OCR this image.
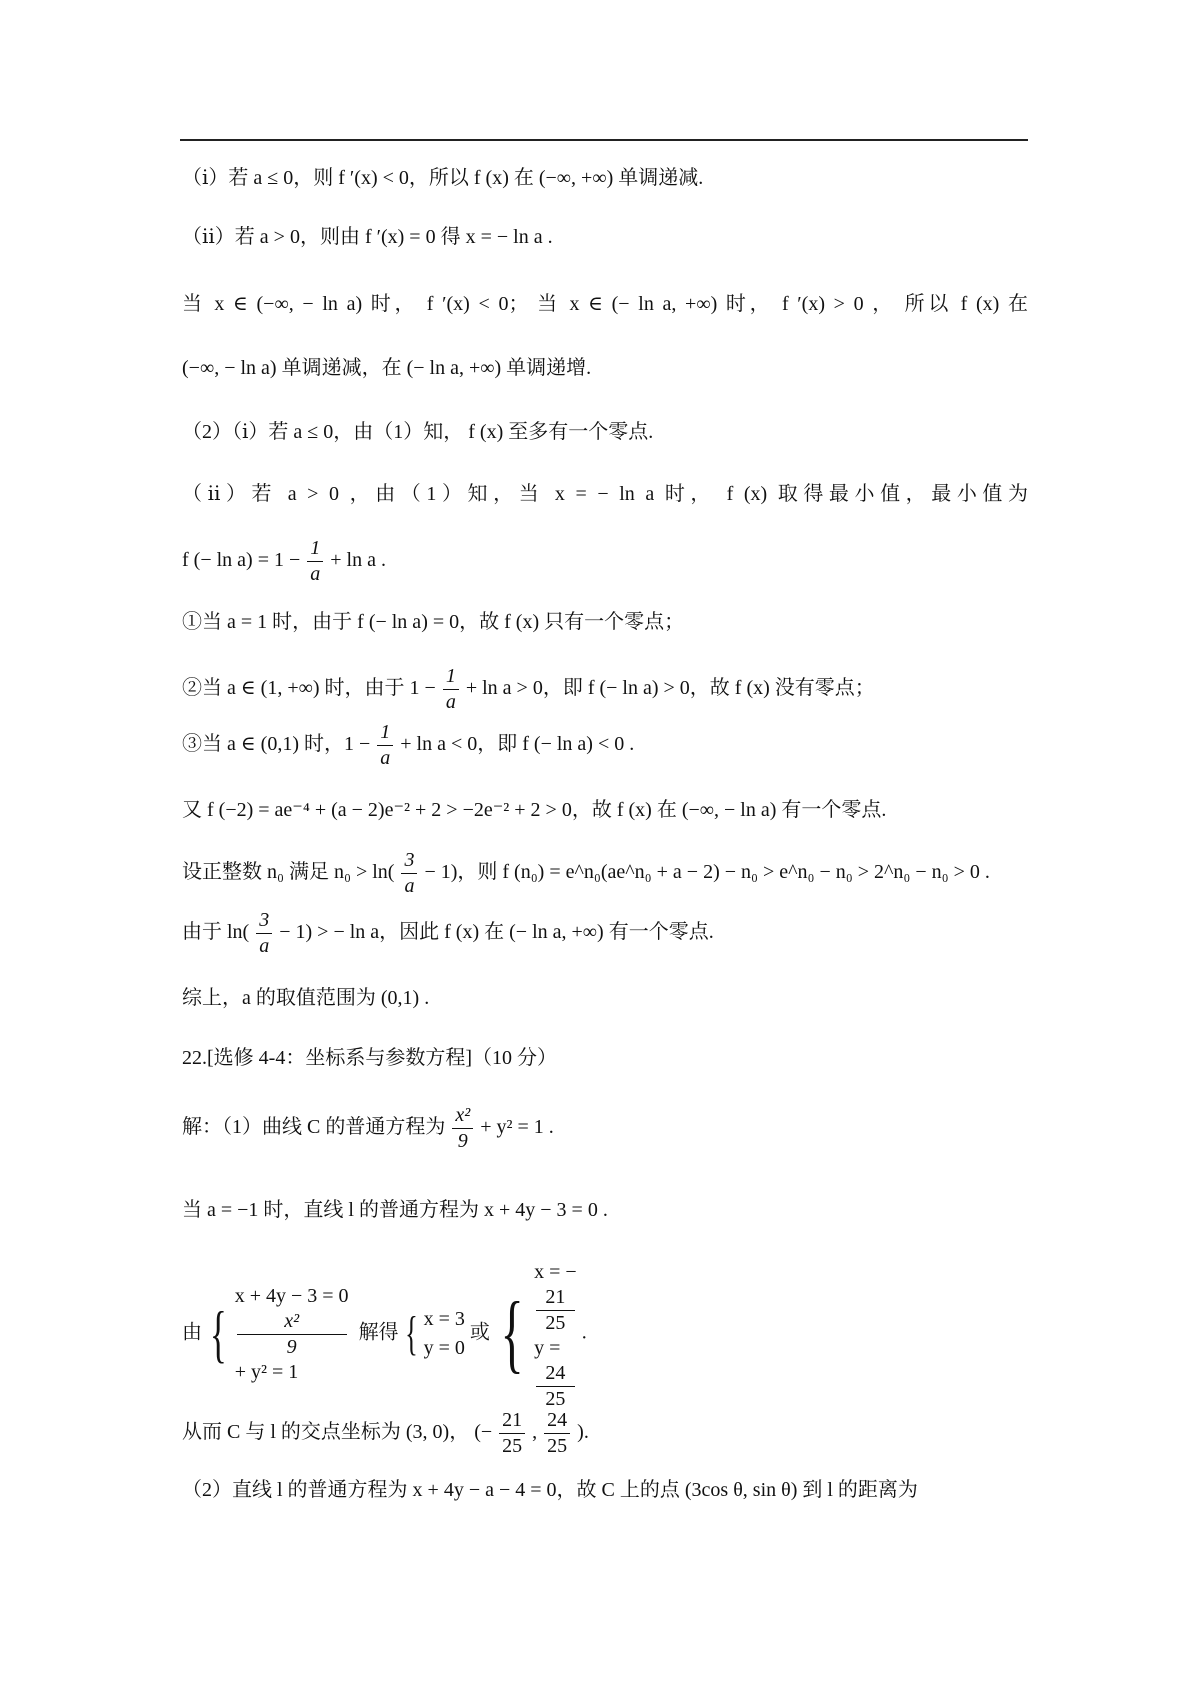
（ⅰ）若 a ≤ 0，则 f ′(x) < 0，所以 f (x) 在 (−∞, +∞) 单调递减.
（ⅱ）若 a > 0，则由 f ′(x) = 0 得 x = − ln a .
当 x ∈ (−∞, − ln a) 时， f ′(x) < 0； 当 x ∈ (− ln a, +∞) 时， f ′(x) > 0 ， 所以 f (x) 在
(−∞, − ln a) 单调递减，在 (− ln a, +∞) 单调递增.
（2）（ⅰ）若 a ≤ 0，由（1）知， f (x) 至多有一个零点.
（ⅱ）若 a > 0 ，由（1）知，当 x = − ln a 时， f (x) 取得最小值，最小值为
f (− $\ln a) = 1 - \frac{1}{a} + \ln a$ .
①当 a = 1 时，由于 f (− ln a) = 0，故 f (x) 只有一个零点；
②当 a ∈ (1, +∞) 时，由于 $1 - \frac{1}{a} + \ln a > 0$，即 f (− ln a) > 0，故 f (x) 没有零点；
③当 a ∈ (0,1) 时，$1 - \frac{1}{a} + \ln a < 0$，即 f (− ln a) < 0 .
又 f (−2) = ae⁻⁴ + (a − 2)e⁻² + 2 > −2e⁻² + 2 > 0，故 f (x) 在 (−∞, − ln a) 有一个零点.
设正整数 n₀ 满足 $n_0 > \ln( \frac{3}{a} - 1)$，则 f (n₀) = e^n₀(ae^n₀ + a − 2) − n₀ > e^n₀ − n₀ > 2^n₀ − n₀ > 0 .
由于 $\ln( \frac{3}{a} - 1)$ > − ln a，因此 f (x) 在 (− ln a, +∞) 有一个零点.
综上，a 的取值范围为 (0,1) .
22.[选修 4-4：坐标系与参数方程]（10 分）
解：（1）曲线 C 的普通方程为 $\frac{\text{x²}}{9} + y^2 = 1$ .
当 a = −1 时，直线 l 的普通方程为 x + 4y − 3 = 0 .
由 {
x + 4y − 3 = 0
x²
9
+ y² = 1
解得 { x = 3
y = 0
或 {
x = −
21
25
y =
24
25
.
从而 C 与 l 的交点坐标为 (3, 0)， (− $\frac{21}{25}$ , $\frac{24}{25}$ ).
（2）直线 l 的普通方程为 x + 4y − a − 4 = 0，故 C 上的点 (3cos θ, sin θ) 到 l 的距离为
